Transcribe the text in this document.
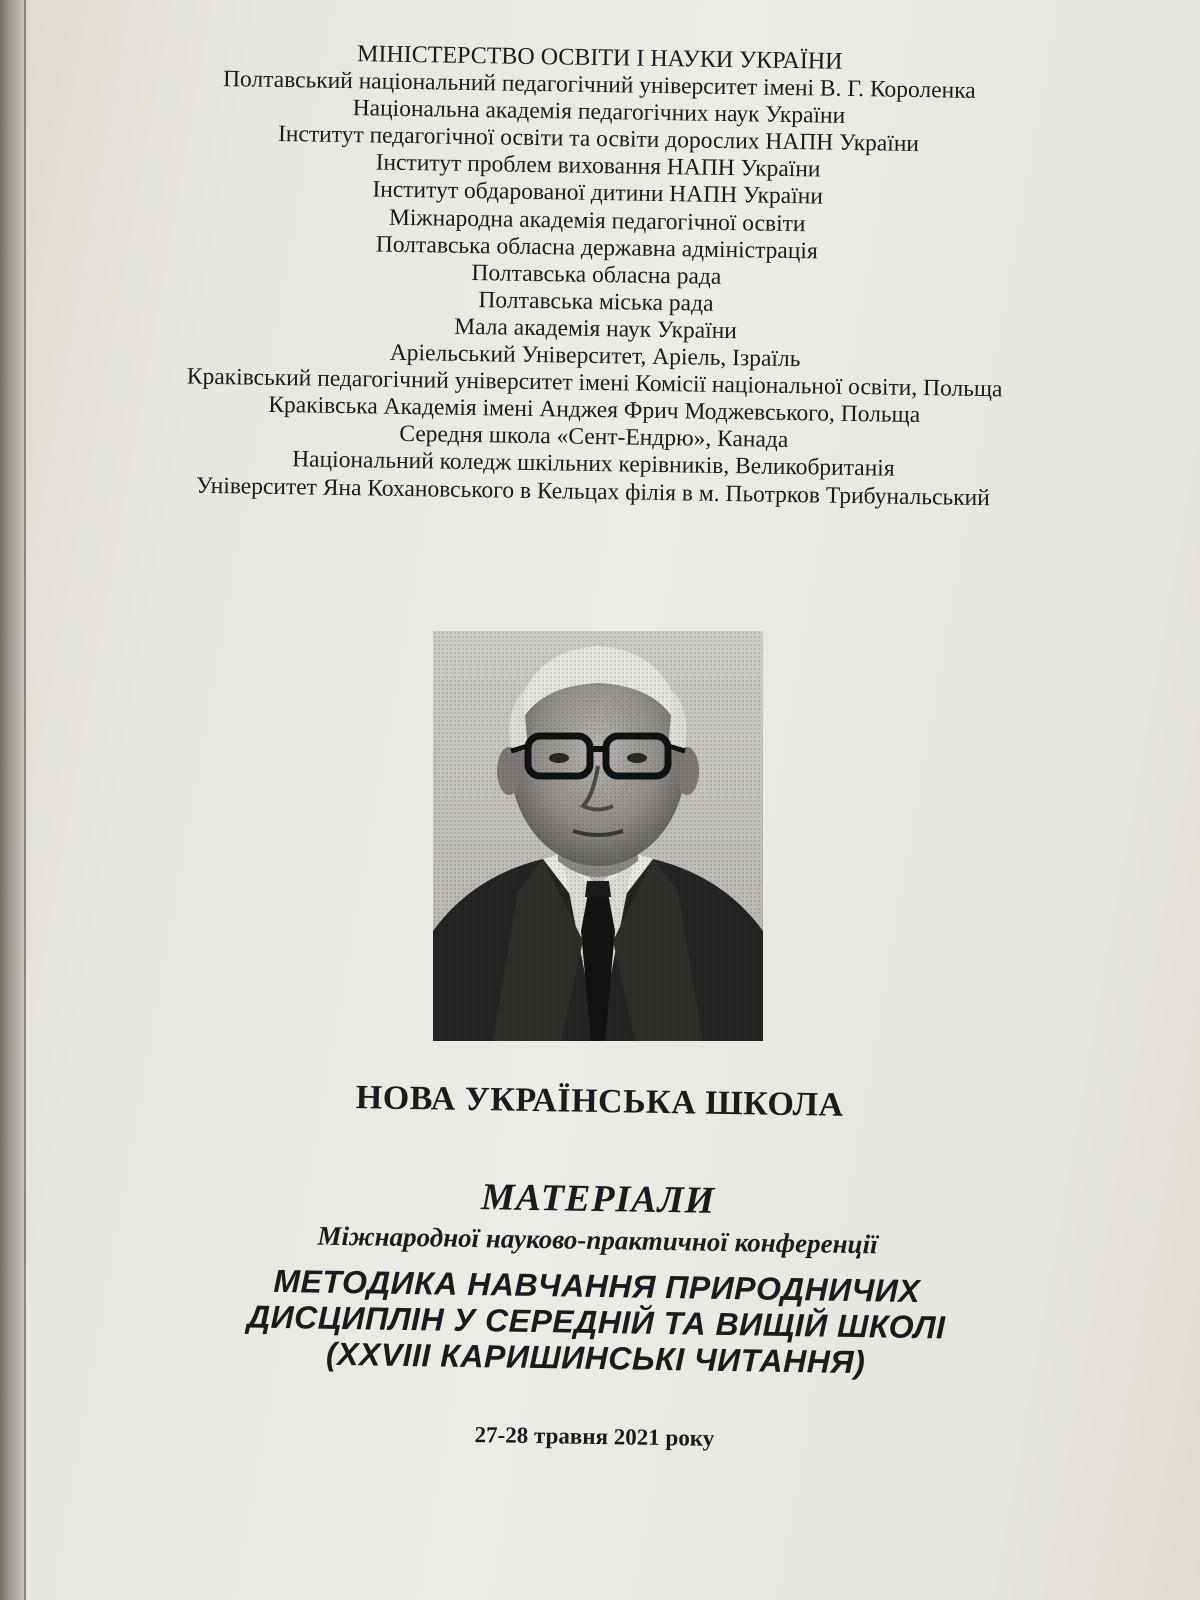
МІНІСТЕРСТВО ОСВІТИ І НАУКИ УКРАЇНИ

Полтавський національний педагогічний університет імені В. Г. Короленка

Національна академія педагогічних наук України

Інститут педагогічної освіти та освіти дорослих НАПН України

Інститут проблем виховання НАПН України

Інститут обдарованої дитини НАПН України

Міжнародна академія педагогічної освіти

Полтавська обласна державна адміністрація

Полтавська обласна рада

Полтавська міська рада

Мала академія наук України

Аріельський Університет, Аріель, Ізраїль

Краківський педагогічний університет імені Комісії національної освіти, Польща

Краківська Академія імені Анджея Фрич Моджевського, Польща

Середня школа «Сент-Ендрю», Канада

Національний коледж шкільних керівників, Великобританія

Університет Яна Кохановського в Кельцах філія в м. Пьотрков Трибунальський

НОВА УКРАЇНСЬКА ШКОЛА

МАТЕРІАЛИ

Міжнародної науково-практичної конференції

МЕТОДИКА НАВЧАННЯ ПРИРОДНИЧИХ

ДИСЦИПЛІН У СЕРЕДНІЙ ТА ВИЩІЙ ШКОЛІ

(XXVIII КАРИШИНСЬКІ ЧИТАННЯ)

27-28 травня 2021 року
